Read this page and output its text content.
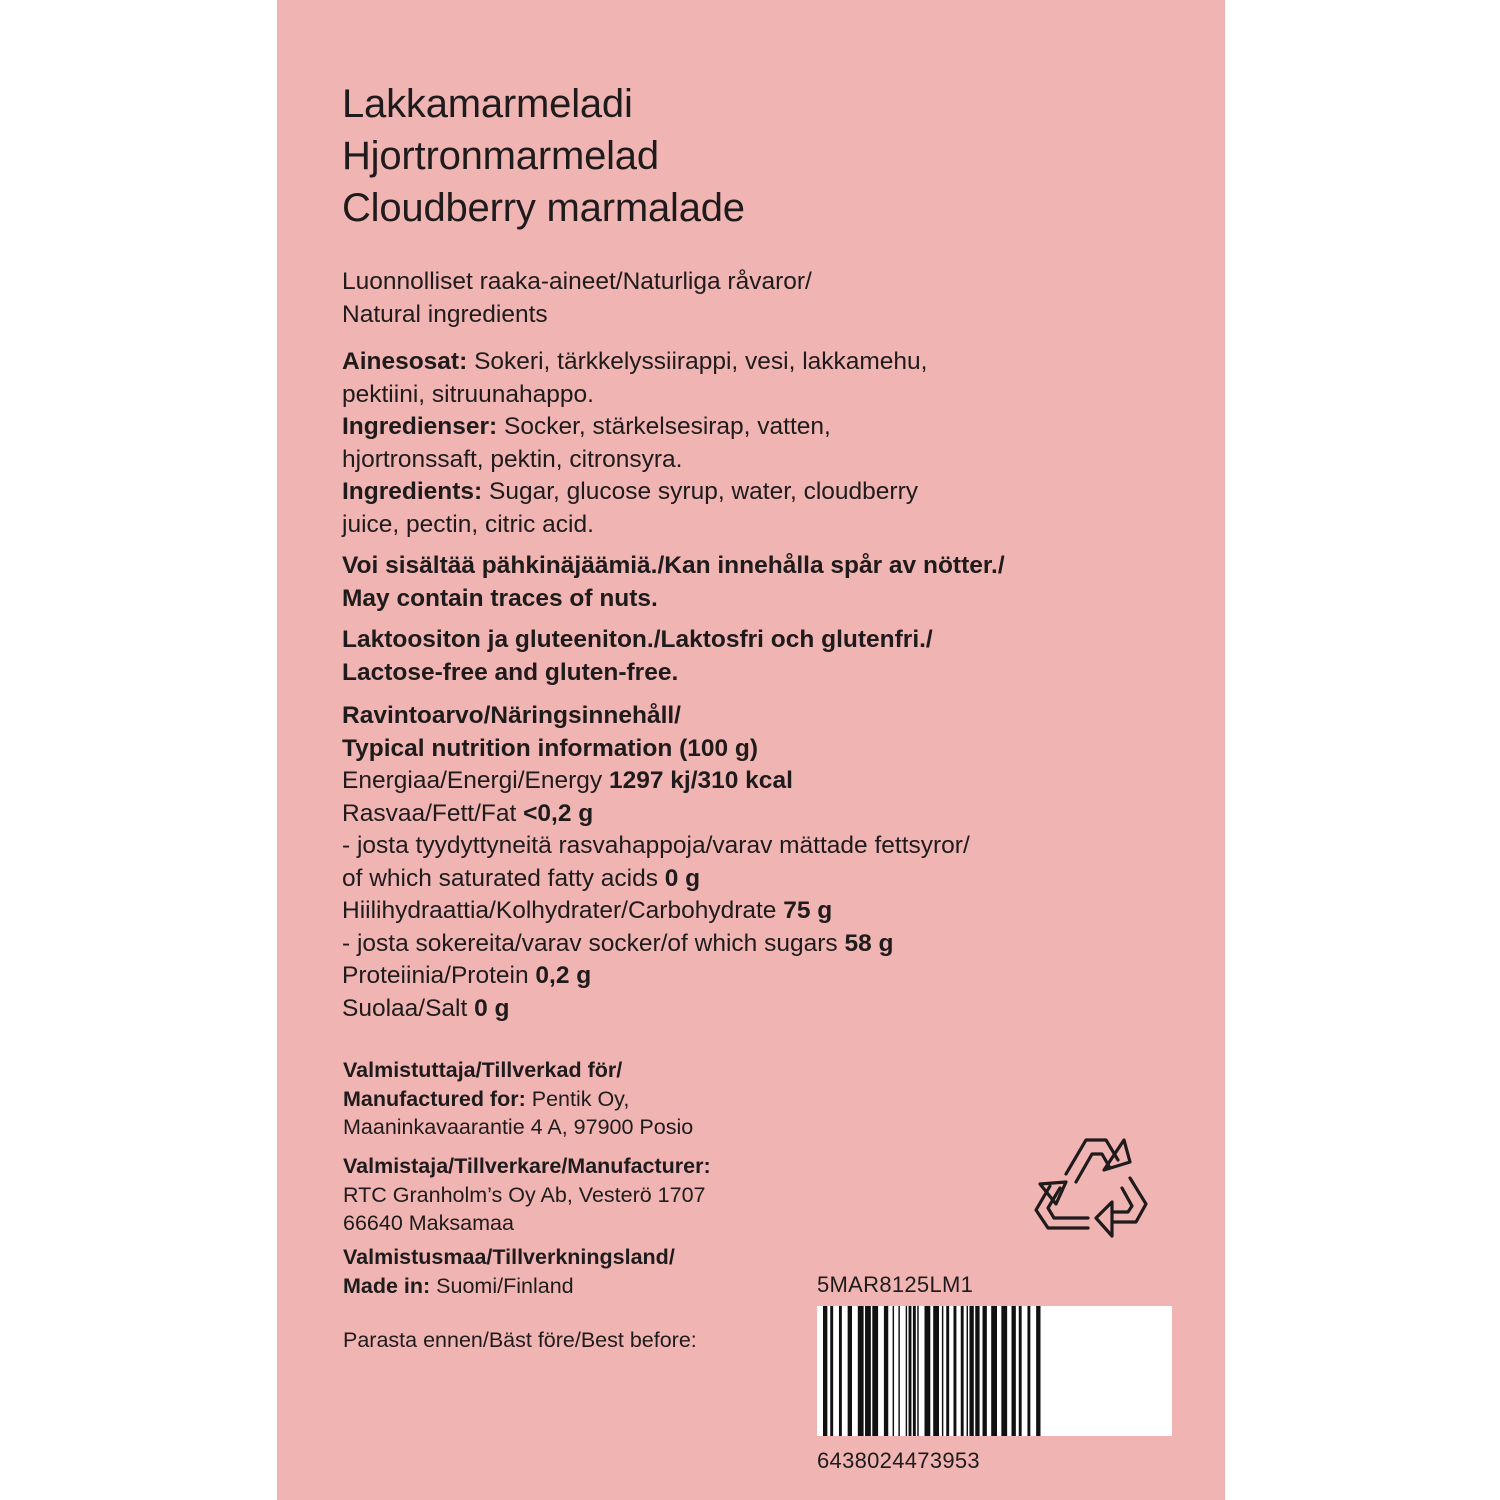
Lakkamarmeladi
Hjortronmarmelad
Cloudberry marmalade
Luonnolliset raaka-aineet/Naturliga råvaror/
Natural ingredients
Ainesosat: Sokeri, tärkkelyssiirappi, vesi, lakkamehu,
pektiini, sitruunahappo.
Ingredienser: Socker, stärkelsesirap, vatten,
hjortronssaft, pektin, citronsyra.
Ingredients: Sugar, glucose syrup, water, cloudberry
juice, pectin, citric acid.
Voi sisältää pähkinäjäämiä./Kan innehålla spår av nötter./
May contain traces of nuts.
Laktoositon ja gluteeniton./Laktosfri och glutenfri./
Lactose-free and gluten-free.
Ravintoarvo/Näringsinnehåll/
Typical nutrition information (100 g)
Energiaa/Energi/Energy 1297 kj/310 kcal
Rasvaa/Fett/Fat <0,2 g
- josta tyydyttyneitä rasvahappoja/varav mättade fettsyror/
of which saturated fatty acids 0 g
Hiilihydraattia/Kolhydrater/Carbohydrate 75 g
- josta sokereita/varav socker/of which sugars 58 g
Proteiinia/Protein 0,2 g
Suolaa/Salt 0 g
Valmistuttaja/Tillverkad för/
Manufactured for: Pentik Oy,
Maaninkavaarantie 4 A, 97900 Posio
Valmistaja/Tillverkare/Manufacturer:
RTC Granholm’s Oy Ab, Vesterö 1707
66640 Maksamaa
Valmistusmaa/Tillverkningsland/
Made in: Suomi/Finland
Parasta ennen/Bäst före/Best before:
5MAR8125LM1
6438024473953
